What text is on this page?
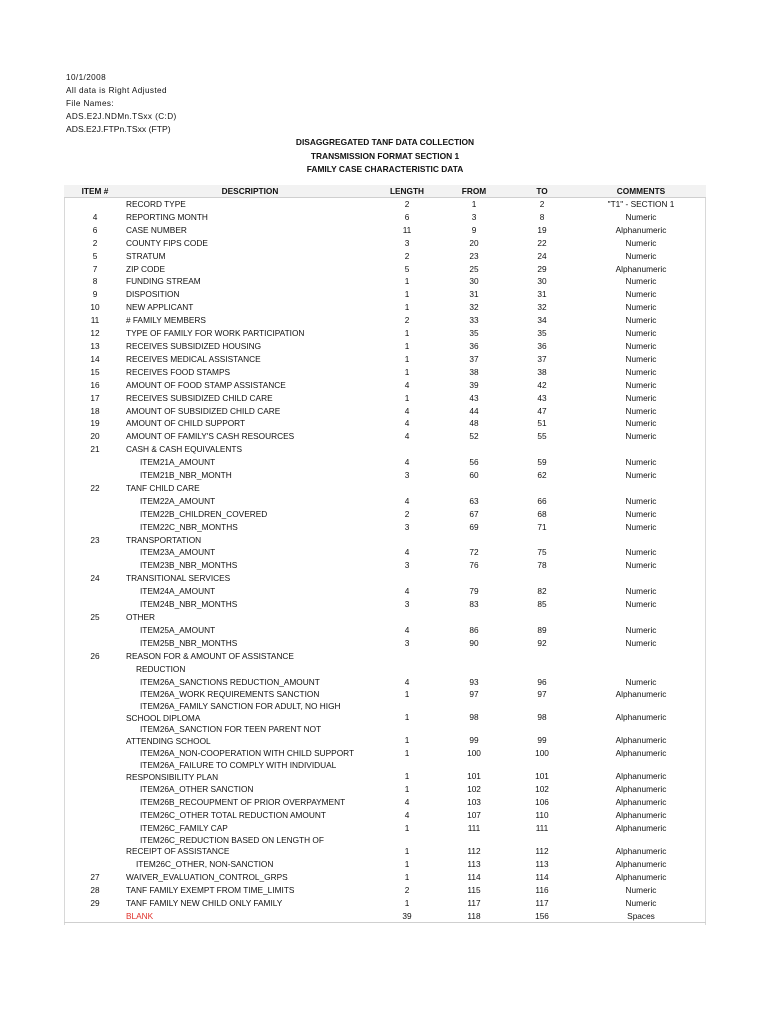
10/1/2008
All data is Right Adjusted
File Names:
ADS.E2J.NDMn.TSxx (C:D)
ADS.E2J.FTPn.TSxx (FTP)
DISAGGREGATED TANF DATA COLLECTION
TRANSMISSION FORMAT SECTION 1
FAMILY CASE CHARACTERISTIC DATA
ITEM #	DESCRIPTION	LENGTH	FROM	TO	COMMENTS

	RECORD TYPE	2	1	2	"T1" - SECTION 1
4	REPORTING MONTH	6	3	8	Numeric
6	CASE NUMBER	11	9	19	Alphanumeric
2	COUNTY FIPS CODE	3	20	22	Numeric
5	STRATUM	2	23	24	Numeric
7	ZIP CODE	5	25	29	Alphanumeric
8	FUNDING STREAM	1	30	30	Numeric
9	DISPOSITION	1	31	31	Numeric
10	NEW APPLICANT	1	32	32	Numeric
11	# FAMILY MEMBERS	2	33	34	Numeric
12	TYPE OF FAMILY FOR WORK PARTICIPATION	1	35	35	Numeric
13	RECEIVES SUBSIDIZED HOUSING	1	36	36	Numeric
14	RECEIVES MEDICAL ASSISTANCE	1	37	37	Numeric
15	RECEIVES FOOD STAMPS	1	38	38	Numeric
16	AMOUNT OF FOOD STAMP ASSISTANCE	4	39	42	Numeric
17	RECEIVES SUBSIDIZED CHILD CARE	1	43	43	Numeric
18	AMOUNT OF SUBSIDIZED CHILD CARE	4	44	47	Numeric
19	AMOUNT OF CHILD SUPPORT	4	48	51	Numeric
20	AMOUNT OF FAMILY'S CASH RESOURCES	4	52	55	Numeric
21	CASH & CASH EQUIVALENTS				

	ITEM21A_AMOUNT	4	56	59	Numeric

	ITEM21B_NBR_MONTH	3	60	62	Numeric
22	TANF CHILD CARE				

	ITEM22A_AMOUNT	4	63	66	Numeric

	ITEM22B_CHILDREN_COVERED	2	67	68	Numeric

	ITEM22C_NBR_MONTHS	3	69	71	Numeric
23	TRANSPORTATION				

	ITEM23A_AMOUNT	4	72	75	Numeric

	ITEM23B_NBR_MONTHS	3	76	78	Numeric
24	TRANSITIONAL SERVICES				

	ITEM24A_AMOUNT	4	79	82	Numeric

	ITEM24B_NBR_MONTHS	3	83	85	Numeric
25	OTHER				

	ITEM25A_AMOUNT	4	86	89	Numeric

	ITEM25B_NBR_MONTHS	3	90	92	Numeric
26	REASON FOR & AMOUNT OF ASSISTANCE				

	REDUCTION				

	ITEM26A_SANCTIONS REDUCTION_AMOUNT	4	93	96	Numeric

	ITEM26A_WORK REQUIREMENTS SANCTION	1	97	97	Alphanumeric

	ITEM26A_FAMILY SANCTION FOR ADULT, NO HIGH
SCHOOL DIPLOMA	1	98	98	Alphanumeric

	ITEM26A_SANCTION FOR TEEN PARENT NOT
ATTENDING SCHOOL	1	99	99	Alphanumeric

	ITEM26A_NON-COOPERATION WITH CHILD SUPPORT	1	100	100	Alphanumeric

	ITEM26A_FAILURE TO COMPLY WITH INDIVIDUAL
RESPONSIBILITY PLAN	1	101	101	Alphanumeric

	ITEM26A_OTHER SANCTION	1	102	102	Alphanumeric

	ITEM26B_RECOUPMENT OF PRIOR OVERPAYMENT	4	103	106	Alphanumeric

	ITEM26C_OTHER TOTAL REDUCTION AMOUNT	4	107	110	Alphanumeric

	ITEM26C_FAMILY CAP	1	111	111	Alphanumeric

	ITEM26C_REDUCTION BASED ON LENGTH OF
RECEIPT OF ASSISTANCE	1	112	112	Alphanumeric

	ITEM26C_OTHER, NON-SANCTION	1	113	113	Alphanumeric
27	WAIVER_EVALUATION_CONTROL_GRPS	1	114	114	Alphanumeric
28	TANF FAMILY EXEMPT FROM TIME_LIMITS	2	115	116	Numeric
29	TANF FAMILY NEW CHILD ONLY FAMILY	1	117	117	Numeric

	BLANK	39	118	156	Spaces
